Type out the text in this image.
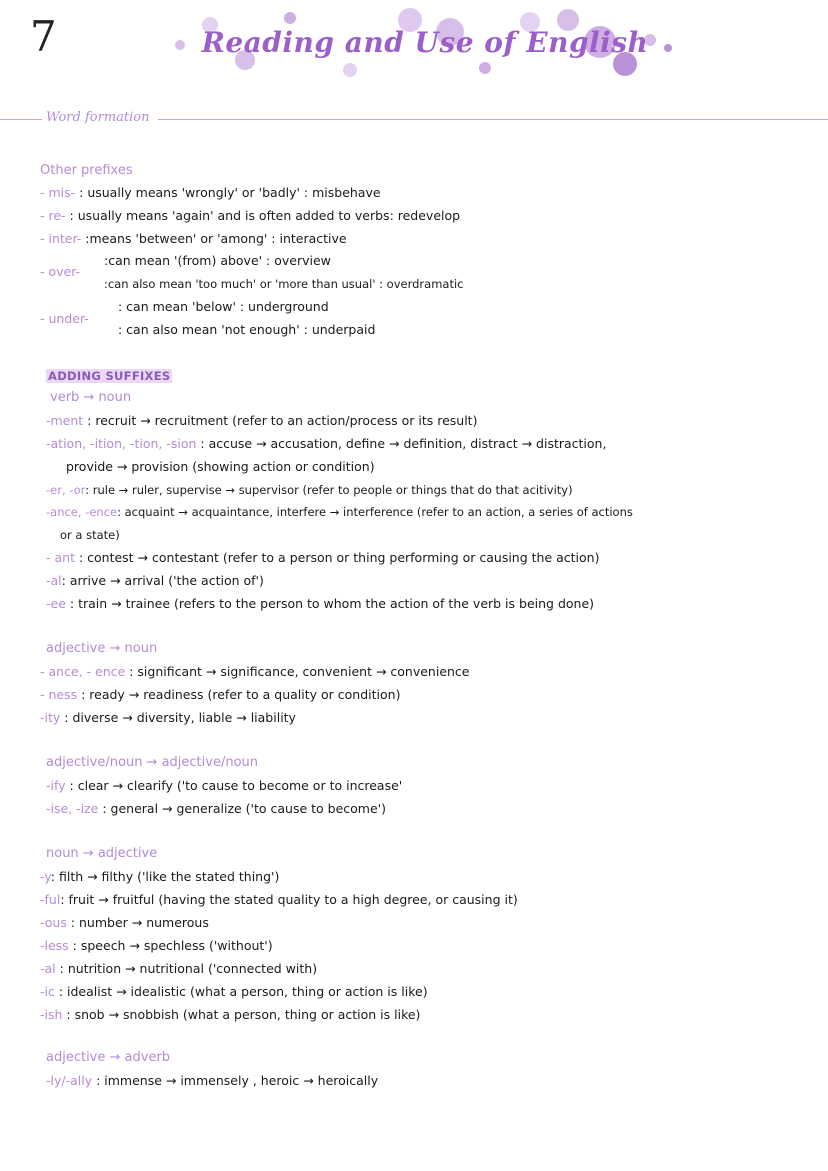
7	Reading and Use of English
Word formation
Other prefixes
- mis- : usually means 'wrongly' or 'badly' : misbehave
- re- : usually means 'again' and is often added to verbs: redevelop
- inter- :means 'between' or 'among' : interactive
- over-
:can mean '(from) above' : overview
:can also mean 'too much' or 'more than usual' : overdramatic
- under-
: can mean 'below' : underground
: can also mean 'not enough' : underpaid
ADDING SUFFIXES
verb → noun
-ment : recruit → recruitment (refer to an action/process or its result)
-ation, -ition, -tion, -sion : accuse → accusation, define → definition, distract → distraction,
provide → provision (showing action or condition)
-er, -or: rule → ruler, supervise → supervisor (refer to people or things that do that acitivity)
-ance, -ence: acquaint → acquaintance, interfere → interference (refer to an action, a series of actions
or a state)
- ant : contest → contestant (refer to a person or thing performing or causing the action)
-al: arrive → arrival ('the action of')
-ee : train → trainee (refers to the person to whom the action of the verb is being done)
adjective → noun
- ance, - ence : significant → significance, convenient → convenience
- ness : ready → readiness (refer to a quality or condition)
-ity : diverse → diversity, liable → liability
adjective/noun → adjective/noun
-ify : clear → clearify ('to cause to become or to increase'
-ise, -ize : general → generalize ('to cause to become')
noun → adjective
-y: filth → filthy ('like the stated thing')
-ful: fruit → fruitful (having the stated quality to a high degree, or causing it)
-ous : number → numerous
-less : speech → spechless ('without')
-al : nutrition → nutritional ('connected with)
-ic : idealist → idealistic (what a person, thing or action is like)
-ish : snob → snobbish (what a person, thing or action is like)
adjective → adverb
-ly/-ally : immense → immensely , heroic → heroically
